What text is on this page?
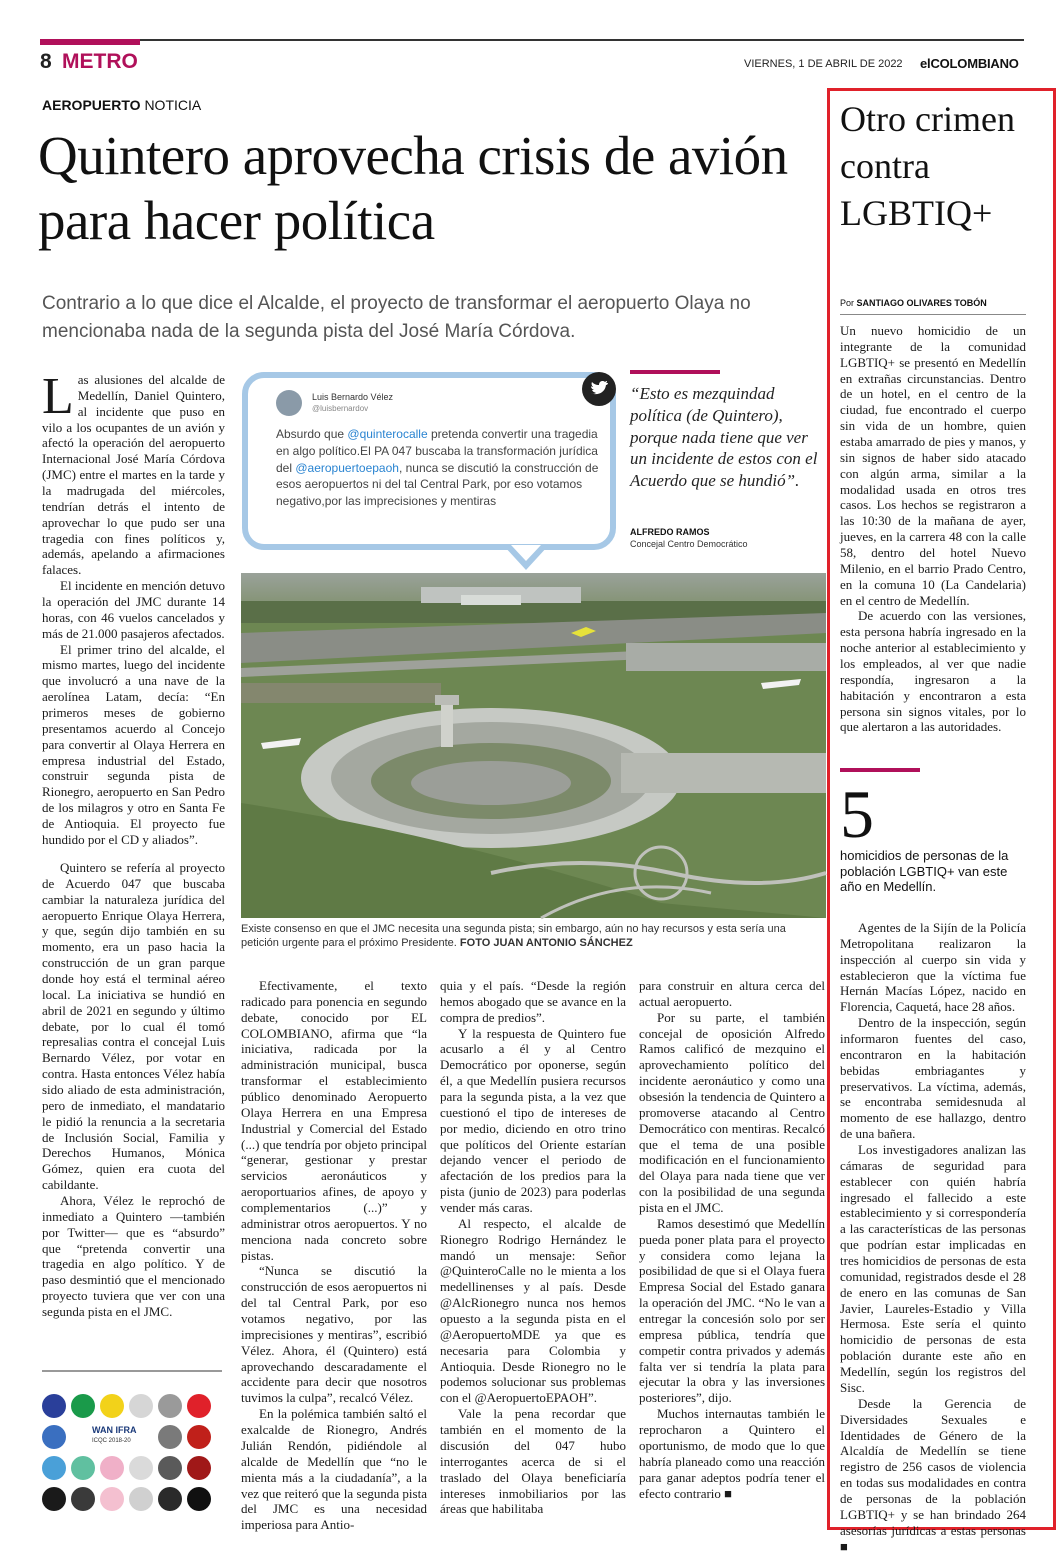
8 METRO	VIERNES, 1 DE ABRIL DE 2022 elCOLOMBIANO
AEROPUERTO NOTICIA
Quintero aprovecha crisis de avión para hacer política
Contrario a lo que dice el Alcalde, el proyecto de transformar el aeropuerto Olaya no mencionaba nada de la segunda pista del José María Córdova.

Las alusiones del alcalde de Medellín, Daniel Quintero, al incidente que puso en vilo a los ocupantes de un avión y afectó la operación del aeropuerto Internacional José María Córdova (JMC) entre el martes en la tarde y la madrugada del miércoles, tendrían detrás el intento de aprovechar lo que pudo ser una tragedia con fines políticos y, además, apelando a afirmaciones falaces.

El incidente en mención detuvo la operación del JMC durante 14 horas, con 46 vuelos cancelados y más de 21.000 pasajeros afectados.

El primer trino del alcalde, el mismo martes, luego del incidente que involucró a una nave de la aerolínea Latam, decía: “En primeros meses de gobierno presentamos acuerdo al Concejo para convertir al Olaya Herrera en empresa industrial del Estado, construir segunda pista de Rionegro, aeropuerto en San Pedro de los milagros y otro en Santa Fe de Antioquia. El proyecto fue hundido por el CD y aliados”.

Quintero se refería al proyecto de Acuerdo 047 que buscaba cambiar la naturaleza jurídica del aeropuerto Enrique Olaya Herrera, y que, según dijo también en su momento, era un paso hacia la construcción de un gran parque donde hoy está el terminal aéreo local. La iniciativa se hundió en abril de 2021 en segundo y último debate, por lo cual él tomó represalias contra el concejal Luis Bernardo Vélez, por votar en contra. Hasta entonces Vélez había sido aliado de esta administración, pero de inmediato, el mandatario le pidió la renuncia a la secretaria de Inclusión Social, Familia y Derechos Humanos, Mónica Gómez, quien era cuota del cabildante.

Ahora, Vélez le reprochó de inmediato a Quintero —también por Twitter— que es “absurdo” que “pretenda convertir una tragedia en algo político. Y de paso desmintió que el mencionado proyecto tuviera que ver con una segunda pista en el JMC.

Luis Bernardo Vélez
@luisbernardov
Absurdo que @quinterocalle pretenda convertir una tragedia en algo político.El PA 047 buscaba la transformación jurídica del @aeropuertoepaoh, nunca se discutió la construcción de esos aeropuertos ni del tal Central Park, por eso votamos negativo,por las imprecisiones y mentiras
“Esto es mezquindad política (de Quintero), porque nada tiene que ver un incidente de estos con el Acuerdo que se hundió”.
ALFREDO RAMOS
Concejal Centro Democrático
Existe consenso en que el JMC necesita una segunda pista; sin embargo, aún no hay recursos y esta sería una petición urgente para el próximo Presidente. FOTO JUAN ANTONIO SÁNCHEZ

Efectivamente, el texto radicado para ponencia en segundo debate, conocido por EL COLOMBIANO, afirma que “la iniciativa, radicada por la administración municipal, busca transformar el establecimiento público denominado Aeropuerto Olaya Herrera en una Empresa Industrial y Comercial del Estado (...) que tendría por objeto principal “generar, gestionar y prestar servicios aeronáuticos y aeroportuarios afines, de apoyo y complementarios (...)” y administrar otros aeropuertos. Y no menciona nada concreto sobre pistas.

“Nunca se discutió la construcción de esos aeropuertos ni del tal Central Park, por eso votamos negativo, por las imprecisiones y mentiras”, escribió Vélez. Ahora, él (Quintero) está aprovechando descaradamente el accidente para decir que nosotros tuvimos la culpa”, recalcó Vélez.

En la polémica también saltó el exalcalde de Rionegro, Andrés Julián Rendón, pidiéndole al alcalde de Medellín que “no le mienta más a la ciudadanía”, a la vez que reiteró que la segunda pista del JMC es una necesidad imperiosa para Antio-

quia y el país. “Desde la región hemos abogado que se avance en la compra de predios”.

Y la respuesta de Quintero fue acusarlo a él y al Centro Democrático por oponerse, según él, a que Medellín pusiera recursos para la segunda pista, a la vez que cuestionó el tipo de intereses de por medio, diciendo en otro trino que políticos del Oriente estarían dejando vencer el periodo de afectación de los predios para la pista (junio de 2023) para poderlas vender más caras.

Al respecto, el alcalde de Rionegro Rodrigo Hernández le mandó un mensaje: Señor @QuinteroCalle no le mienta a los medellinenses y al país. Desde @AlcRionegro nunca nos hemos opuesto a la segunda pista en el @AeropuertoMDE ya que es necesaria para Colombia y Antioquia. Desde Rionegro no le podemos solucionar sus problemas con el @AeropuertoEPAOH”.

Vale la pena recordar que también en el momento de la discusión del 047 hubo interrogantes acerca de si el traslado del Olaya beneficiaría intereses inmobiliarios por las áreas que habilitaba

para construir en altura cerca del actual aeropuerto.

Por su parte, el también concejal de oposición Alfredo Ramos calificó de mezquino el aprovechamiento político del incidente aeronáutico y como una obsesión la tendencia de Quintero a promoverse atacando al Centro Democrático con mentiras. Recalcó que el tema de una posible modificación en el funcionamiento del Olaya para nada tiene que ver con la posibilidad de una segunda pista en el JMC.

Ramos desestimó que Medellín pueda poner plata para el proyecto y considera como lejana la posibilidad de que si el Olaya fuera Empresa Social del Estado ganara la operación del JMC. “No le van a entregar la concesión solo por ser empresa pública, tendría que competir contra privados y además falta ver si tendría la plata para ejecutar la obra y las inversiones posteriores”, dijo.

Muchos internautas también le reprocharon a Quintero el oportunismo, de modo que lo que habría planeado como una reacción para ganar adeptos podría tener el efecto contrario ■

WAN IFRA
ICQC 2018-20
Otro crimen contra LGBTIQ+
Por SANTIAGO OLIVARES TOBÓN

Un nuevo homicidio de un integrante de la comunidad LGBTIQ+ se presentó en Medellín en extrañas circunstancias. Dentro de un hotel, en el centro de la ciudad, fue encontrado el cuerpo sin vida de un hombre, quien estaba amarrado de pies y manos, y sin signos de haber sido atacado con algún arma, similar a la modalidad usada en otros tres casos. Los hechos se registraron a las 10:30 de la mañana de ayer, jueves, en la carrera 48 con la calle 58, dentro del hotel Nuevo Milenio, en el barrio Prado Centro, en la comuna 10 (La Candelaria) en el centro de Medellín.

De acuerdo con las versiones, esta persona habría ingresado en la noche anterior al establecimiento y los empleados, al ver que nadie respondía, ingresaron a la habitación y encontraron a esta persona sin signos vitales, por lo que alertaron a las autoridades.

5
homicidios de personas de la población LGBTIQ+ van este año en Medellín.

Agentes de la Sijín de la Policía Metropolitana realizaron la inspección al cuerpo sin vida y establecieron que la víctima fue Hernán Macías López, nacido en Florencia, Caquetá, hace 28 años.

Dentro de la inspección, según informaron fuentes del caso, encontraron en la habitación bebidas embriagantes y preservativos. La víctima, además, se encontraba semidesnuda al momento de ese hallazgo, dentro de una bañera.

Los investigadores analizan las cámaras de seguridad para establecer con quién habría ingresado el fallecido a este establecimiento y si correspondería a las características de las personas que podrían estar implicadas en tres homicidios de personas de esta comunidad, registrados desde el 28 de enero en las comunas de San Javier, Laureles-Estadio y Villa Hermosa. Este sería el quinto homicidio de personas de esta población durante este año en Medellín, según los registros del Sisc.

Desde la Gerencia de Diversidades Sexuales e Identidades de Género de la Alcaldía de Medellín se tiene registro de 256 casos de violencia en todas sus modalidades en contra de personas de la población LGBTIQ+ y se han brindado 264 asesorías jurídicas a estas personas ■
